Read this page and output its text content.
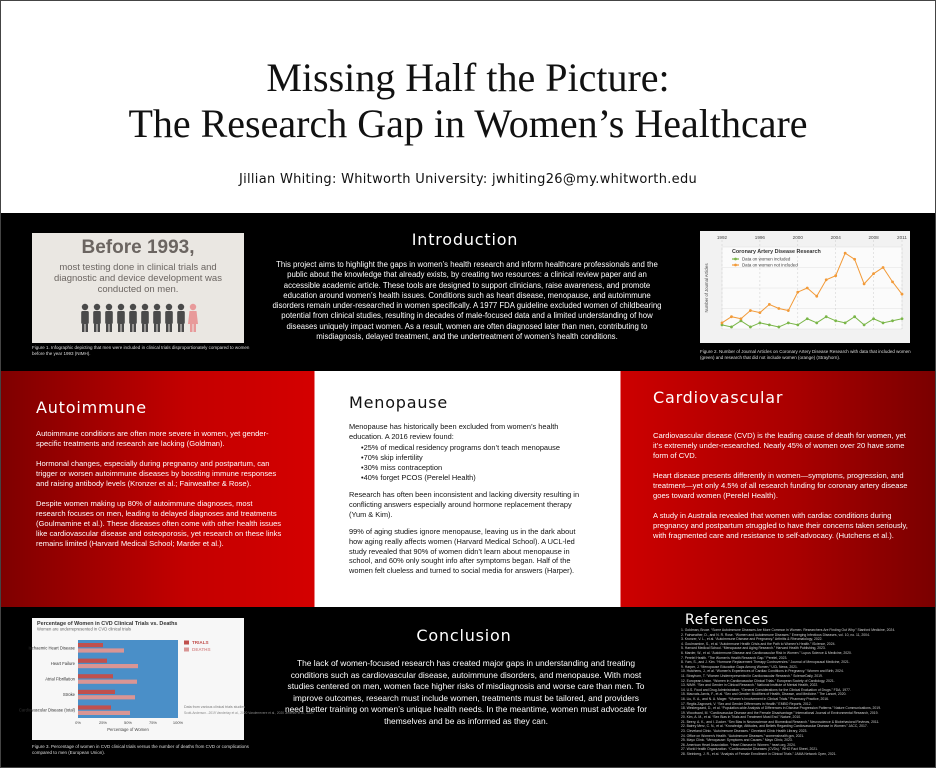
Missing Half the Picture:
The Research Gap in Women’s Healthcare
Jillian Whiting: Whitworth University: jwhiting26@my.whitworth.edu
Before 1993,
most testing done in clinical trials and diagnostic and device development was conducted on men.
Figure 1. Infographic depicting that men were included in clinical trials disproportionately compared to women before the year 1993 (NIMH).
Introduction
This project aims to highlight the gaps in women’s health research and inform healthcare professionals and the public about the knowledge that already exists, by creating two resources: a clinical review paper and an accessible academic article. These tools are designed to support clinicians, raise awareness, and promote education around women’s health issues. Conditions such as heart disease, menopause, and autoimmune disorders remain under-researched in women specifically. A 1977 FDA guideline excluded women of childbearing potential from clinical studies, resulting in decades of male-focused data and a limited understanding of how diseases uniquely impact women. As a result, women are often diagnosed later than men, contributing to misdiagnosis, delayed treatment, and the undertreatment of women’s health conditions.
1992	1996	2000	2004	2008	2011
Coronary Artery Disease Research
Data on women included
Data on women not included
Number of Journal Articles
Figure 2. Number of Journal Articles on Coronary Artery Disease Research with data that included women (green) and research that did not include women (orange) (Strayhorn).
Autoimmune

Autoimmune conditions are often more severe in women, yet gender-specific treatments and research are lacking (Goldman).

Hormonal changes, especially during pregnancy and postpartum, can trigger or worsen autoimmune diseases by boosting immune responses and raising antibody levels (Kronzer et al.; Fairweather & Rose).

Despite women making up 80% of autoimmune diagnoses, most research focuses on men, leading to delayed diagnoses and treatments (Goulmamine et al.). These diseases often come with other health issues like cardiovascular disease and osteoporosis, yet research on these links remains limited (Harvard Medical School; Marder et al.).

Menopause

Menopause has historically been excluded from women’s health education. A 2016 review found:

•25% of medical residency programs don’t teach menopause
•70% skip infertility
•30% miss contraception
•40% forget PCOS (Perelel Health)

Research has often been inconsistent and lacking diversity resulting in conflicting answers especially around hormone replacement therapy (Yum & Kim).

99% of aging studies ignore menopause, leaving us in the dark about how aging really affects women (Harvard Medical School). A UCL-led study revealed that 90% of women didn’t learn about menopause in school, and 60% only sought info after symptoms began. Half of the women felt clueless and turned to social media for answers (Harper).

Cardiovascular

Cardiovascular disease (CVD) is the leading cause of death for women, yet it’s extremely under-researched. Nearly 45% of women over 20 have some form of CVD.

Heart disease presents differently in women—symptoms, progression, and treatment—yet only 4.5% of all research funding for coronary artery disease goes toward women (Perelel Health).

A study in Australia revealed that women with cardiac conditions during pregnancy and postpartum struggled to have their concerns taken seriously, with fragmented care and resistance to self-advocacy. (Hutchens et al.).

Percentage of Women in CVD Clinical Trials vs. Deaths
Women are underrepresented in CVD clinical trials
Ischaemic Heart Disease
Heart Failure
Atrial Fibrillation
Stroke
Cardiovascular Disease (total)
0%	25%	50%	75%	100%
Percentage of Women
TRIALS
DEATHS
Data from various clinical trials studies
Scott-Anderson...2019 Vanderlay et al., 2020 Vanderrevere et al., 2020 Jimenez et al., 2020
Figure 3. Percentage of women in CVD clinical trials versus the number of deaths from CVD or complications compared to men (European Union).
Conclusion
The lack of women-focused research has created major gaps in understanding and treating conditions such as cardiovascular disease, autoimmune disorders, and menopause. With most studies centered on men, women face higher risks of misdiagnosis and worse care than men. To improve outcomes, research must include women, treatments must be tailored, and providers need better training on women’s unique health needs. In the meantime, women must advocate for themselves and be as informed as they can.
References
1. Goldman, Bruce. “Some Autoimmune Diseases Are More Common in Women. Researchers Are Finding Out Why.” Stanford Medicine, 2024.
2. Fairweather, D., and N. R. Rose. “Women and Autoimmune Diseases.” Emerging Infectious Diseases, vol. 10, no. 11, 2004.
3. Kronzer, V. L., et al. “Autoimmune Disease and Pregnancy.” Arthritis & Rheumatology, 2022.
4. Goulmamine, S., et al. “Autoimmune Health Crisis and the Path to Women’s Health.” iScience, 2024.
5. Harvard Medical School. “Menopause and Aging Research.” Harvard Health Publishing, 2023.
6. Marder, W., et al. “Autoimmune Disease and Cardiovascular Risk in Women.” Lupus Science & Medicine, 2020.
7. Perelel Health. “The Women’s Health Research Gap.” Perelel, 2023.
8. Yum, S., and J. Kim. “Hormone Replacement Therapy Controversies.” Journal of Menopausal Medicine, 2021.
9. Harper, J. “Menopause Education Gaps Among Women.” UCL News, 2021.
10. Hutchens, J., et al. “Women’s Experiences of Cardiac Conditions in Pregnancy.” Women and Birth, 2024.
11. Strayhorn, T. “Women Underrepresented in Cardiovascular Research.” ScienceDaily, 2019.
12. European Union. “Women in Cardiovascular Clinical Trials.” European Society of Cardiology, 2021.
13. NIMH. “Sex and Gender in Clinical Research.” National Institute of Mental Health, 2022.
14. U.S. Food and Drug Administration. “General Considerations for the Clinical Evaluation of Drugs.” FDA, 1977.
15. Mauvais-Jarvis, F., et al. “Sex and Gender: Modifiers of Health, Disease, and Medicine.” The Lancet, 2020.
16. Liu, K. A., and N. A. Mager. “Women’s Involvement in Clinical Trials.” Pharmacy Practice, 2016.
17. Regitz-Zagrosek, V. “Sex and Gender Differences in Health.” EMBO Reports, 2012.
18. Westergaard, D., et al. “Population-wide Analysis of Differences in Disease Progression Patterns.” Nature Communications, 2019.
19. Woodward, M. “Cardiovascular Disease and the Female Disadvantage.” International Journal of Environmental Research, 2019.
20. Kim, A. M., et al. “Sex Bias in Trials and Treatment Must End.” Nature, 2010.
21. Beery, A. K., and I. Zucker. “Sex Bias in Neuroscience and Biomedical Research.” Neuroscience & Biobehavioral Reviews, 2011.
22. Bairey Merz, C. N., et al. “Knowledge, Attitudes, and Beliefs Regarding Cardiovascular Disease in Women.” JACC, 2017.
23. Cleveland Clinic. “Autoimmune Diseases.” Cleveland Clinic Health Library, 2023.
24. Office on Women’s Health. “Autoimmune Diseases.” womenshealth.gov, 2021.
25. Mayo Clinic. “Menopause: Symptoms and Causes.” Mayo Clinic, 2023.
26. American Heart Association. “Heart Disease in Women.” heart.org, 2024.
27. World Health Organization. “Cardiovascular Diseases (CVDs).” WHO Fact Sheet, 2021.
28. Steinberg, J. R., et al. “Analysis of Female Enrollment in Clinical Trials.” JAMA Network Open, 2021.
